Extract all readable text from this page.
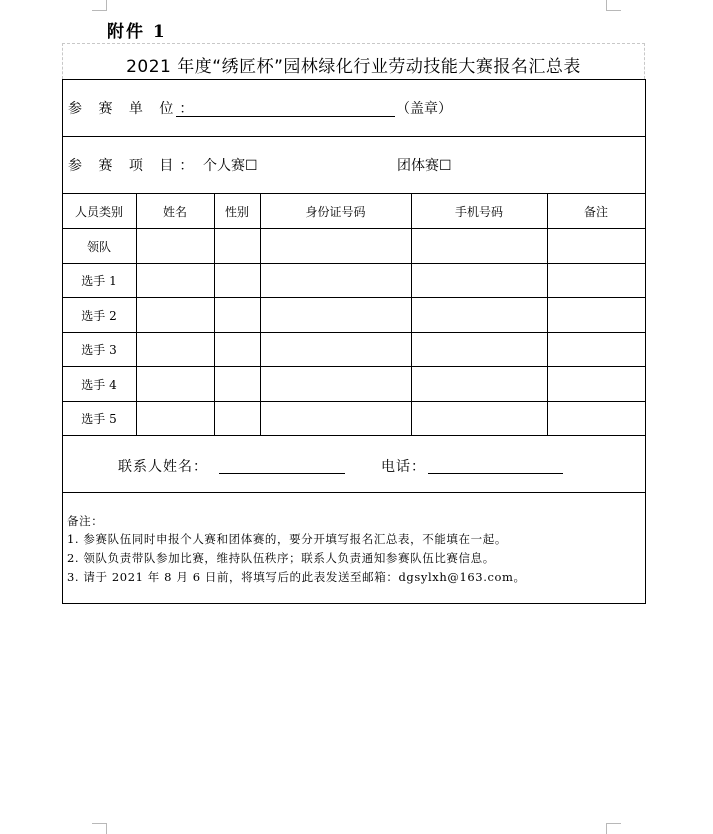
附件 1
2021 年度“绣匠杯”园林绿化行业劳动技能大赛报名汇总表
参 赛 单 位：	（盖章）
参 赛 项 目： 个人赛☐	团体赛☐
人员类别	姓名	性别	身份证号码	手机号码	备注
领队
选手 1
选手 2
选手 3
选手 4
选手 5
联系人姓名：	电话：
备注：
1. 参赛队伍同时申报个人赛和团体赛的，要分开填写报名汇总表，不能填在一起。
2. 领队负责带队参加比赛，维持队伍秩序；联系人负责通知参赛队伍比赛信息。
3. 请于 2021 年 8 月 6 日前，将填写后的此表发送至邮箱：dgsylxh@163.com。
